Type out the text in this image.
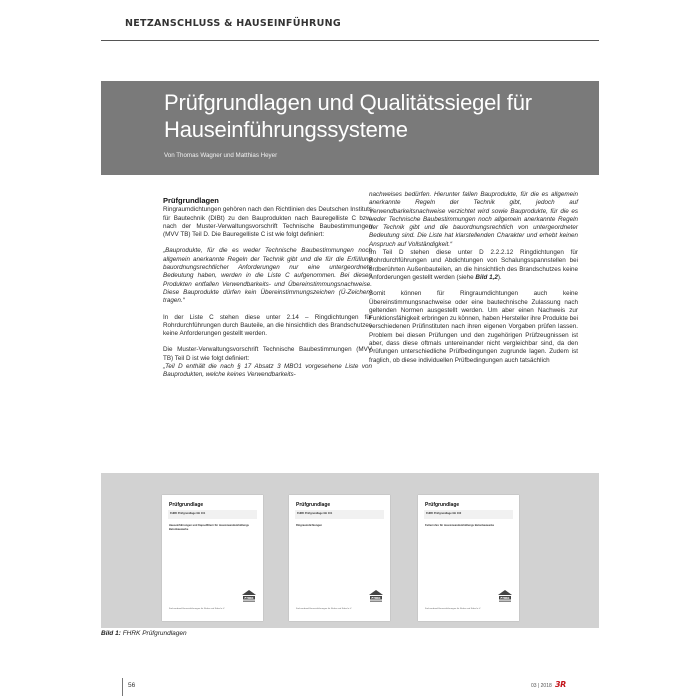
NETZANSCHLUSS & HAUSEINFÜHRUNG
Prüfgrundlagen und Qualitätssiegel für Hauseinführungssysteme
Von Thomas Wagner und Matthias Heyer
Prüfgrundlagen

Ringraumdichtungen gehören nach den Richtlinien des Deutschen Instituts für Bautechnik (DIBt) zu den Bauprodukten nach Bauregelliste C bzw. nach der Muster-Verwaltungsvorschrift Technische Baubestimmungen (MVV TB) Teil D. Die Bauregelliste C ist wie folgt definiert:

„Bauprodukte, für die es weder Technische Baubestimmungen noch allgemein anerkannte Regeln der Technik gibt und die für die Erfüllung bauordnungsrechtlicher Anforderungen nur eine untergeordnete Bedeutung haben, werden in die Liste C aufgenommen. Bei diesen Produkten entfallen Verwendbarkeits- und Übereinstimmungsnachweise. Diese Bauprodukte dürfen kein Übereinstimmungszeichen (Ü-Zeichen) tragen.“

In der Liste C stehen diese unter 2.14 – Ringdichtungen für Rohrdurchführungen durch Bauteile, an die hinsichtlich des Brandschutzes keine Anforderungen gestellt werden.

Die Muster-Verwaltungsvorschrift Technische Baubestimmungen (MVV TB) Teil D ist wie folgt definiert:

„Teil D enthält die nach § 17 Absatz 3 MBO1 vorgesehene Liste von Bauprodukten, welche keines Verwendbarkeits-

nachweises bedürfen. Hierunter fallen Bauprodukte, für die es allgemein anerkannte Regeln der Technik gibt, jedoch auf Verwendbarkeitsnachweise verzichtet wird sowie Bauprodukte, für die es weder Technische Baubestimmungen noch allgemein anerkannte Regeln der Technik gibt und die bauordnungsrechtlich von untergeordneter Bedeutung sind. Die Liste hat klarstellenden Charakter und erhebt keinen Anspruch auf Vollständigkeit.“

Im Teil D stehen diese unter D 2.2.2.12 Ringdichtungen für Rohrdurchführungen und Abdichtungen von Schalungsspannstellen bei erdberührten Außenbauteilen, an die hinsichtlich des Brandschutzes keine Anforderungen gestellt werden (siehe Bild 1,2).

Somit können für Ringraumdichtungen auch keine Übereinstimmungsnachweise oder eine bautechnische Zulassung nach geltenden Normen ausgestellt werden. Um aber einen Nachweis zur Funktionsfähigkeit erbringen zu können, haben Hersteller ihre Produkte bei verschiedenen Prüfinstituten nach ihren eigenen Vorgaben prüfen lassen. Problem bei diesen Prüfungen und den zugehörigen Prüfzeugnissen ist aber, dass diese oftmals untereinander nicht vergleichbar sind, da den Prüfungen unterschiedliche Prüfbedingungen zugrunde lagen. Zudem ist fraglich, ob diese individuellen Prüfbedingungen auch tatsächlich

Prüfgrundlage
FHRK Prüfgrundlage GE 101
Hauseinführungen und Kapselfittern für massivwandumhüllungs Betonbauwerke
FHRK
Fachverband Hauseinführungen für Rohre und Kabel e.V.
Prüfgrundlage
FHRK Prüfgrundlage GE 101
Ringraumdichtungen
FHRK
Fachverband Hauseinführungen für Rohre und Kabel e.V.
Prüfgrundlage
FHRK Prüfgrundlage GE 102
Futterrohre für massivwandumhüllungs Betonbauwerke
FHRK
Fachverband Hauseinführungen für Rohre und Kabel e.V.
Bild 1: FHRK Prüfgrundlagen
56	03 | 2018 3R
